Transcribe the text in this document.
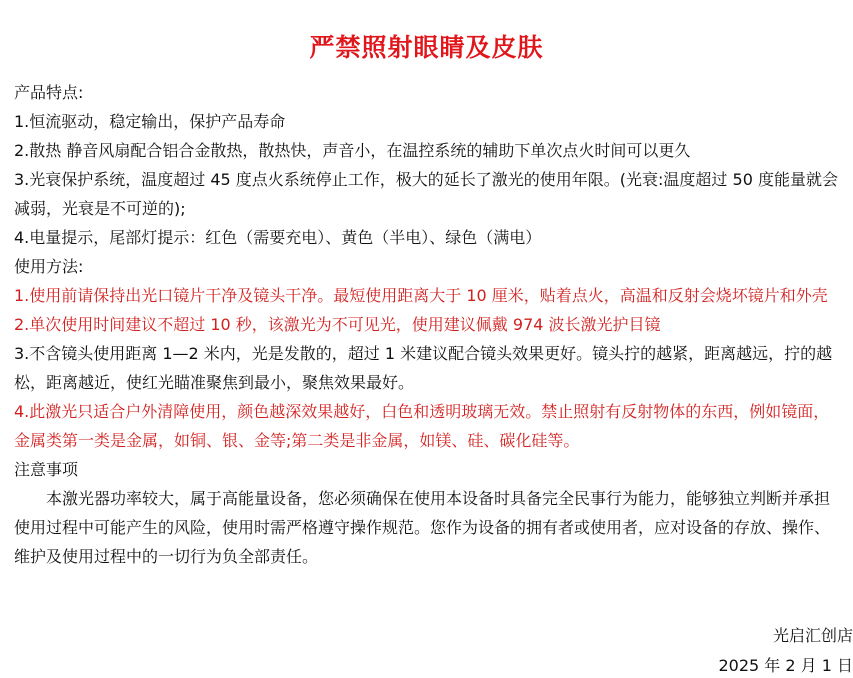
严禁照射眼睛及皮肤

产品特点:

1.恒流驱动，稳定输出，保护产品寿命

2.散热 静音风扇配合铝合金散热，散热快，声音小，在温控系统的辅助下单次点火时间可以更久

3.光衰保护系统，温度超过 45 度点火系统停止工作，极大的延长了激光的使用年限。(光衰:温度超过 50 度能量就会减弱，光衰是不可逆的);

4.电量提示，尾部灯提示：红色（需要充电）、黄色（半电）、绿色（满电）

使用方法:

1.使用前请保持出光口镜片干净及镜头干净。最短使用距离大于 10 厘米，贴着点火，高温和反射会烧坏镜片和外壳

2.单次使用时间建议不超过 10 秒，该激光为不可见光，使用建议佩戴 974 波长激光护目镜

3.不含镜头使用距离 1—2 米内，光是发散的，超过 1 米建议配合镜头效果更好。镜头拧的越紧，距离越远，拧的越松，距离越近，使红光瞄准聚焦到最小，聚焦效果最好。

4.此激光只适合户外清障使用，颜色越深效果越好，白色和透明玻璃无效。禁止照射有反射物体的东西，例如镜面，金属类第一类是金属，如铜、银、金等;第二类是非金属，如镁、硅、碳化硅等。

注意事项

本激光器功率较大，属于高能量设备，您必须确保在使用本设备时具备完全民事行为能力，能够独立判断并承担使用过程中可能产生的风险，使用时需严格遵守操作规范。您作为设备的拥有者或使用者，应对设备的存放、操作、维护及使用过程中的一切行为负全部责任。

光启汇创店
2025 年 2 月 1 日
